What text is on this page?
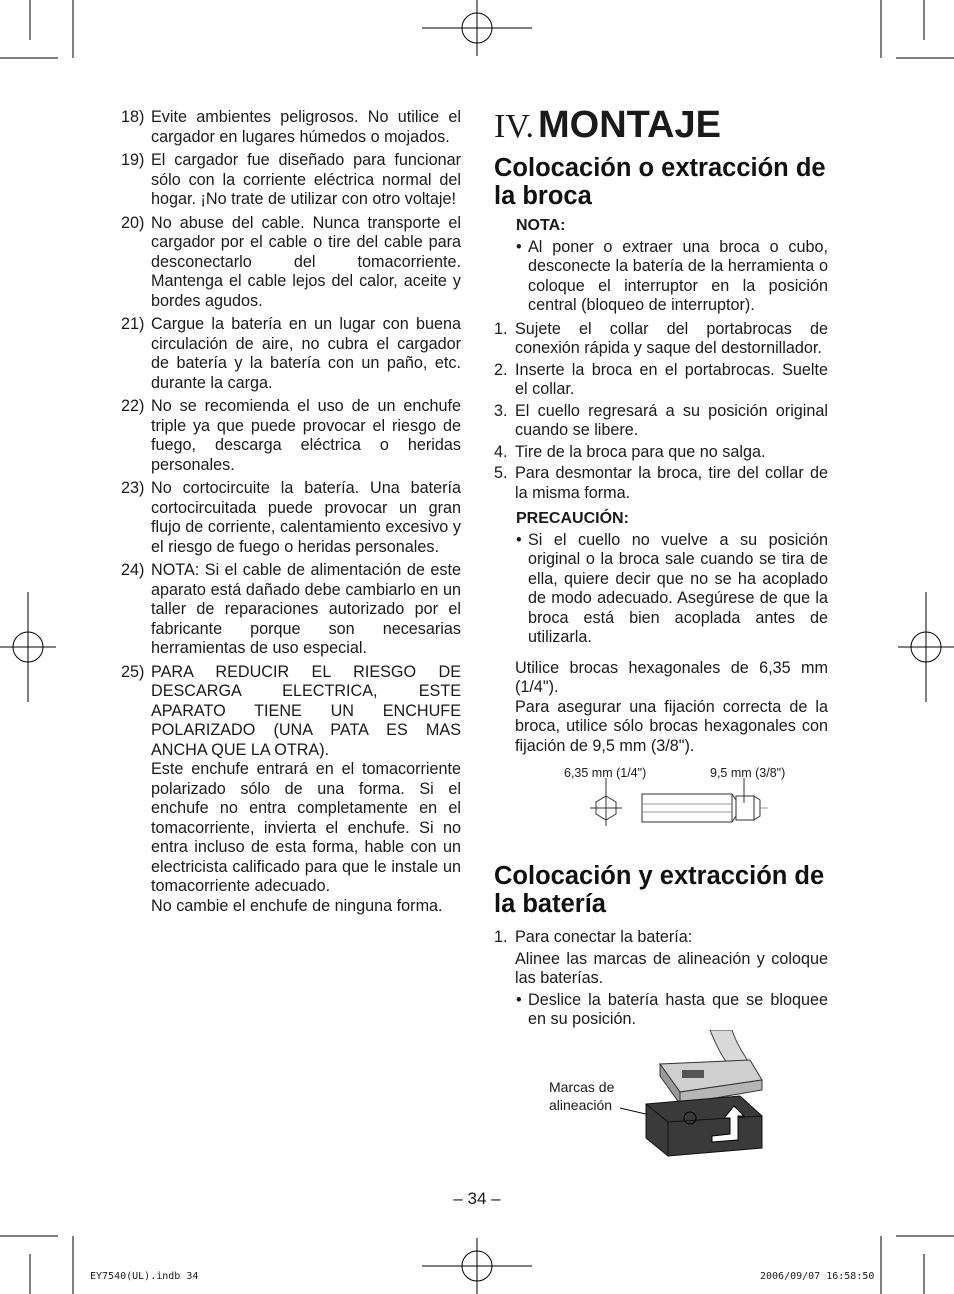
18) Evite ambientes peligrosos. No utilice el cargador en lugares húmedos o mojados.

19) El cargador fue diseñado para funcionar sólo con la corriente eléctrica normal del hogar. ¡No trate de utilizar con otro voltaje!

20) No abuse del cable. Nunca transporte el cargador por el cable o tire del cable para desconectarlo del tomacorriente. Mantenga el cable lejos del calor, aceite y bordes agudos.

21) Cargue la batería en un lugar con buena circulación de aire, no cubra el cargador de batería y la batería con un paño, etc. durante la carga.

22) No se recomienda el uso de un enchufe triple ya que puede provocar el riesgo de fuego, descarga eléctrica o heridas personales.

23) No cortocircuite la batería. Una batería cortocircuitada puede provocar un gran flujo de corriente, calentamiento excesivo y el riesgo de fuego o heridas personales.

24) NOTA: Si el cable de alimentación de este aparato está dañado debe cambiarlo en un taller de reparaciones autorizado por el fabricante porque son necesarias herramientas de uso especial.

25) PARA REDUCIR EL RIESGO DE DESCARGA ELECTRICA, ESTE APARATO TIENE UN ENCHUFE POLARIZADO (UNA PATA ES MAS ANCHA QUE LA OTRA).

Este enchufe entrará en el tomacorriente polarizado sólo de una forma. Si el enchufe no entra completamente en el tomacorriente, invierta el enchufe. Si no entra incluso de esta forma, hable con un electricista calificado para que le instale un tomacorriente adecuado.

No cambie el enchufe de ninguna forma.

IV. MONTAJE
Colocación o extracción de la broca
NOTA:
• Al poner o extraer una broca o cubo, desconecte la batería de la herramienta o coloque el interruptor en la posición central (bloqueo de interruptor).
1. Sujete el collar del portabrocas de conexión rápida y saque del destornillador.
2. Inserte la broca en el portabrocas. Suelte el collar.
3. El cuello regresará a su posición original cuando se libere.
4. Tire de la broca para que no salga.
5. Para desmontar la broca, tire del collar de la misma forma.
PRECAUCIÓN:
• Si el cuello no vuelve a su posición original o la broca sale cuando se tira de ella, quiere decir que no se ha acoplado de modo adecuado. Asegúrese de que la broca está bien acoplada antes de utilizarla.

Utilice brocas hexagonales de 6,35 mm (1/4").

Para asegurar una fijación correcta de la broca, utilice sólo brocas hexagonales con fijación de 9,5 mm (3/8").

6,35 mm (1/4")	9,5 mm (3/8")
Colocación y extracción de la batería
1. Para conectar la batería:
Alinee las marcas de alineación y coloque las baterías.
• Deslice la batería hasta que se bloquee en su posición.
Marcas de alineación
– 34 –
EY7540(UL).indb 34	2006/09/07 16:58:50
